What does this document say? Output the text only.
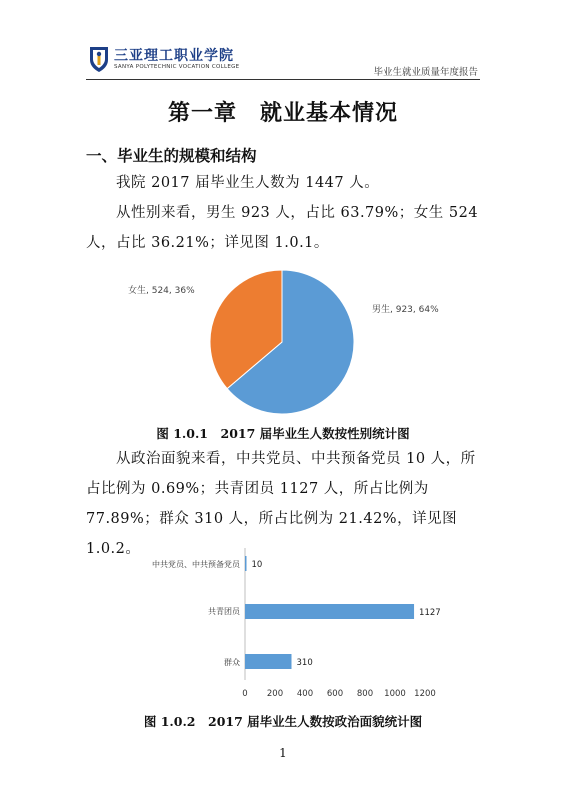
三亚理工职业学院
SANYA POLYTECHNIC VOCATION COLLEGE	毕业生就业质量年度报告
第一章　就业基本情况
一、毕业生的规模和结构
我院 2017 届毕业生人数为 1447 人。
从性别来看，男生 923 人，占比 63.79%；女生 524 人，占比 36.21%；详见图 1.0.1。
男生, 923, 64%
女生, 524, 36%
图 1.0.1　2017 届毕业生人数按性别统计图
从政治面貌来看，中共党员、中共预备党员 10 人，所占比例为 0.69%；共青团员 1127 人，所占比例为 77.89%；群众 310 人，所占比例为 21.42%，详见图 1.0.2。
中共党员、中共预备党员
共青团员
群众
10
1127
310
0 200 400 600 800 1000 1200
图 1.0.2　2017 届毕业生人数按政治面貌统计图
1
